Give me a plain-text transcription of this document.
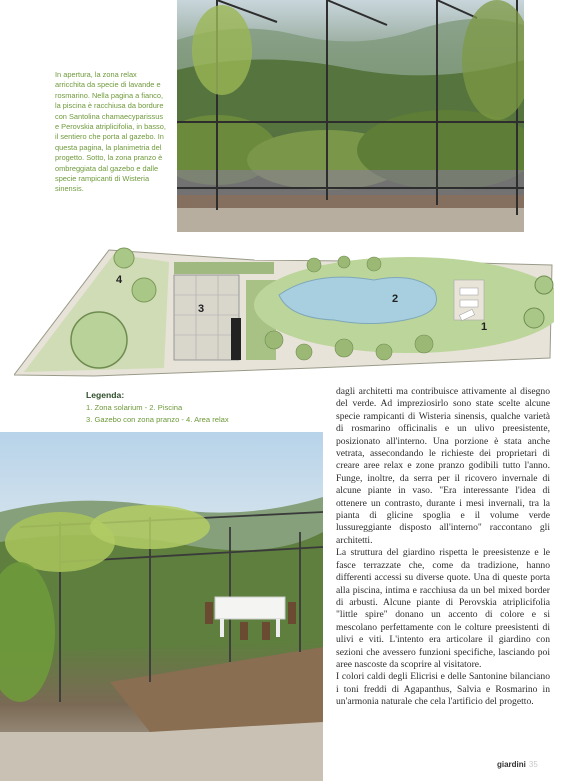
In apertura, la zona relax arricchita da specie di lavande e rosmarino. Nella pagina a fianco, la piscina è racchiusa da bordure con Santolina chamaecyparissus e Perovskia atriplicifolia, in basso, il sentiero che porta al gazebo. In questa pagina, la planimetria del progetto. Sotto, la zona pranzo è ombreggiata dal gazebo e dalle specie rampicanti di Wisteria sinensis.
4
3
2
1
Legenda:
1. Zona solarium - 2. Piscina
3. Gazebo con zona pranzo - 4. Area relax

dagli architetti ma contribuisce attivamente al disegno del verde. Ad impreziosirlo sono state scelte alcune specie rampicanti di Wisteria sinensis, qualche varietà di rosmarino officinalis e un ulivo preesistente, posizionato all'interno. Una porzione è stata anche vetrata, assecondando le richieste dei proprietari di creare aree relax e zone pranzo godibili tutto l'anno. Funge, inoltre, da serra per il ricovero invernale di alcune piante in vaso. "Era interessante l'idea di ottenere un contrasto, durante i mesi invernali, tra la pianta di glicine spoglia e il volume verde lussureggiante disposto all'interno" raccontano gli architetti.

La struttura del giardino rispetta le preesistenze e le fasce terrazzate che, come da tradizione, hanno differenti accessi su diverse quote. Una di queste porta alla piscina, intima e racchiusa da un bel mixed border di arbusti. Alcune piante di Perovskia atriplicifolia "little spire" donano un accento di colore e si mescolano perfettamente con le colture preesistenti di ulivi e viti. L'intento era articolare il giardino con sezioni che avessero funzioni specifiche, lasciando poi aree nascoste da scoprire al visitatore.

I colori caldi degli Elicrisi e delle Santonine bilanciano i toni freddi di Agapanthus, Salvia e Rosmarino in un'armonia naturale che cela l'artificio del progetto.

giardini 35
